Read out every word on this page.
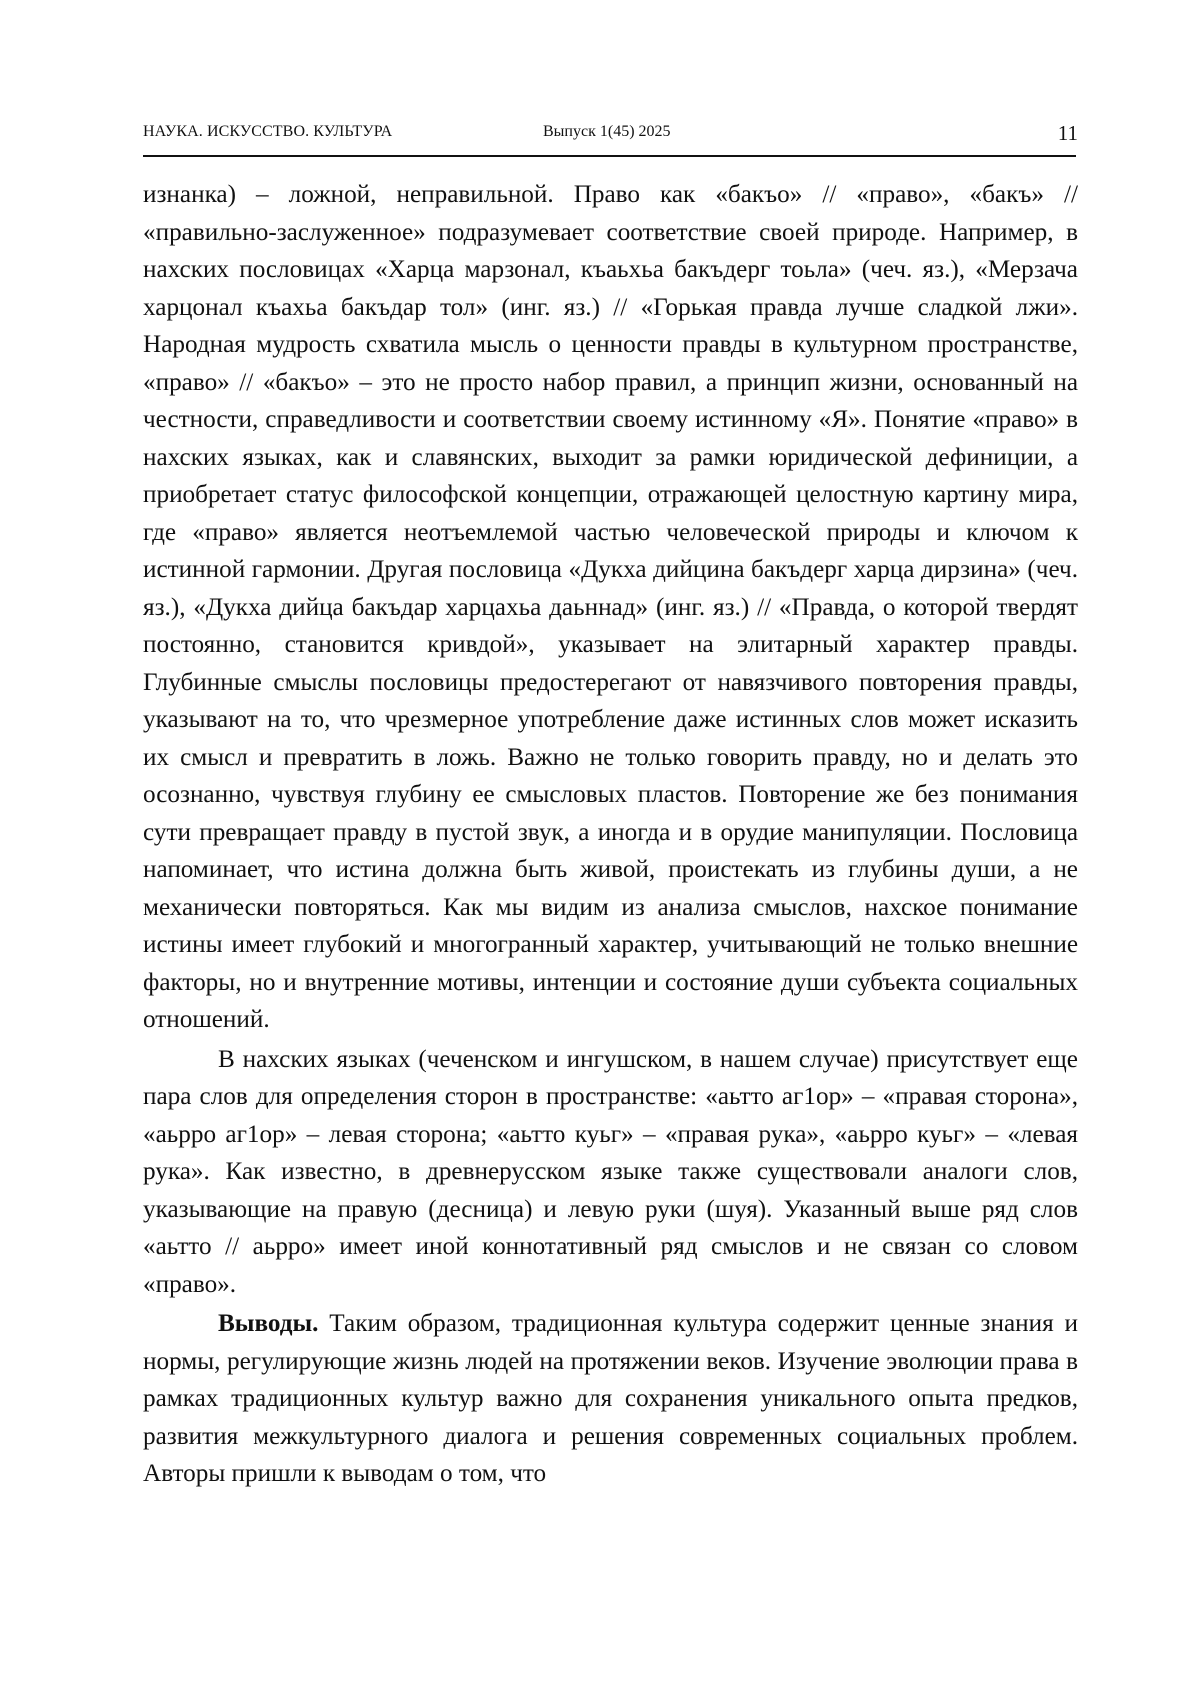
НАУКА. ИСКУССТВО. КУЛЬТУРА	Выпуск 1(45) 2025	11

изнанка) – ложной, неправильной. Право как «бакъо» // «право», «бакъ» // «правильно-заслуженное» подразумевает соответствие своей природе. Например, в нахских пословицах «Харца марзонал, къаьхьа бакъдерг тоьла» (чеч. яз.), «Мерзача харцонал къахьа бакъдар тол» (инг. яз.) // «Горькая правда лучше сладкой лжи». Народная мудрость схватила мысль о ценности правды в культурном пространстве, «право» // «бакъо» – это не просто набор правил, а принцип жизни, основанный на честности, справедливости и соответствии своему истинному «Я». Понятие «право» в нахских языках, как и славянских, выходит за рамки юридической дефиниции, а приобретает статус философской концепции, отражающей целостную картину мира, где «право» является неотъемлемой частью человеческой природы и ключом к истинной гармонии. Другая пословица «Дукха дийцина бакъдерг харца дирзина» (чеч. яз.), «Дукха дийца бакъдар харцахьа даьннад» (инг. яз.) // «Правда, о которой твердят постоянно, становится кривдой», указывает на элитарный характер правды. Глубинные смыслы пословицы предостерегают от навязчивого повторения правды, указывают на то, что чрезмерное употребление даже истинных слов может исказить их смысл и превратить в ложь. Важно не только говорить правду, но и делать это осознанно, чувствуя глубину ее смысловых пластов. Повторение же без понимания сути превращает правду в пустой звук, а иногда и в орудие манипуляции. Пословица напоминает, что истина должна быть живой, проистекать из глубины души, а не механически повторяться. Как мы видим из анализа смыслов, нахское понимание истины имеет глубокий и многогранный характер, учитывающий не только внешние факторы, но и внутренние мотивы, интенции и состояние души субъекта социальных отношений.

В нахских языках (чеченском и ингушском, в нашем случае) присутствует еще пара слов для определения сторон в пространстве: «аьтто аг1ор» – «правая сторона», «аьрро аг1ор» – левая сторона; «аьтто куьг» – «правая рука», «аьрро куьг» – «левая рука». Как известно, в древнерусском языке также существовали аналоги слов, указывающие на правую (десница) и левую руки (шуя). Указанный выше ряд слов «аьтто // аьрро» имеет иной коннотативный ряд смыслов и не связан со словом «право».

Выводы. Таким образом, традиционная культура содержит ценные знания и нормы, регулирующие жизнь людей на протяжении веков. Изучение эволюции права в рамках традиционных культур важно для сохранения уникального опыта предков, развития межкультурного диалога и решения современных социальных проблем. Авторы пришли к выводам о том, что
